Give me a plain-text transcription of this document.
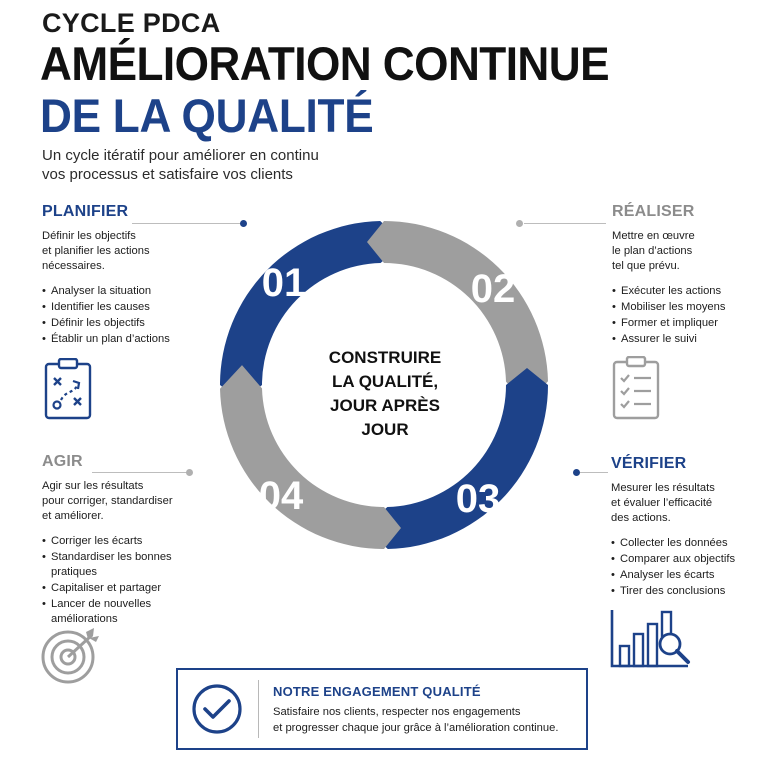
CYCLE PDCA
AMÉLIORATION CONTINUE
DE LA QUALITÉ
Un cycle itératif pour améliorer en continu
vos processus et satisfaire vos clients
01	02
03
04
CONSTRUIRE
LA QUALITÉ,
JOUR APRÈS
JOUR
PLANIFIER
Définir les objectifs
et planifier les actions
nécessaires.
• Analyser la situation
• Identifier les causes
• Définir les objectifs
• Établir un plan d’actions
RÉALISER
Mettre en œuvre
le plan d’actions
tel que prévu.
• Exécuter les actions
• Mobiliser les moyens
• Former et impliquer
• Assurer le suivi
AGIR
Agir sur les résultats
pour corriger, standardiser
et améliorer.
• Corriger les écarts
• Standardiser les bonnes
pratiques
• Capitaliser et partager
• Lancer de nouvelles
améliorations
VÉRIFIER
Mesurer les résultats
et évaluer l’efficacité
des actions.
• Collecter les données
• Comparer aux objectifs
• Analyser les écarts
• Tirer des conclusions
NOTRE ENGAGEMENT QUALITÉ
Satisfaire nos clients, respecter nos engagements
et progresser chaque jour grâce à l’amélioration continue.
